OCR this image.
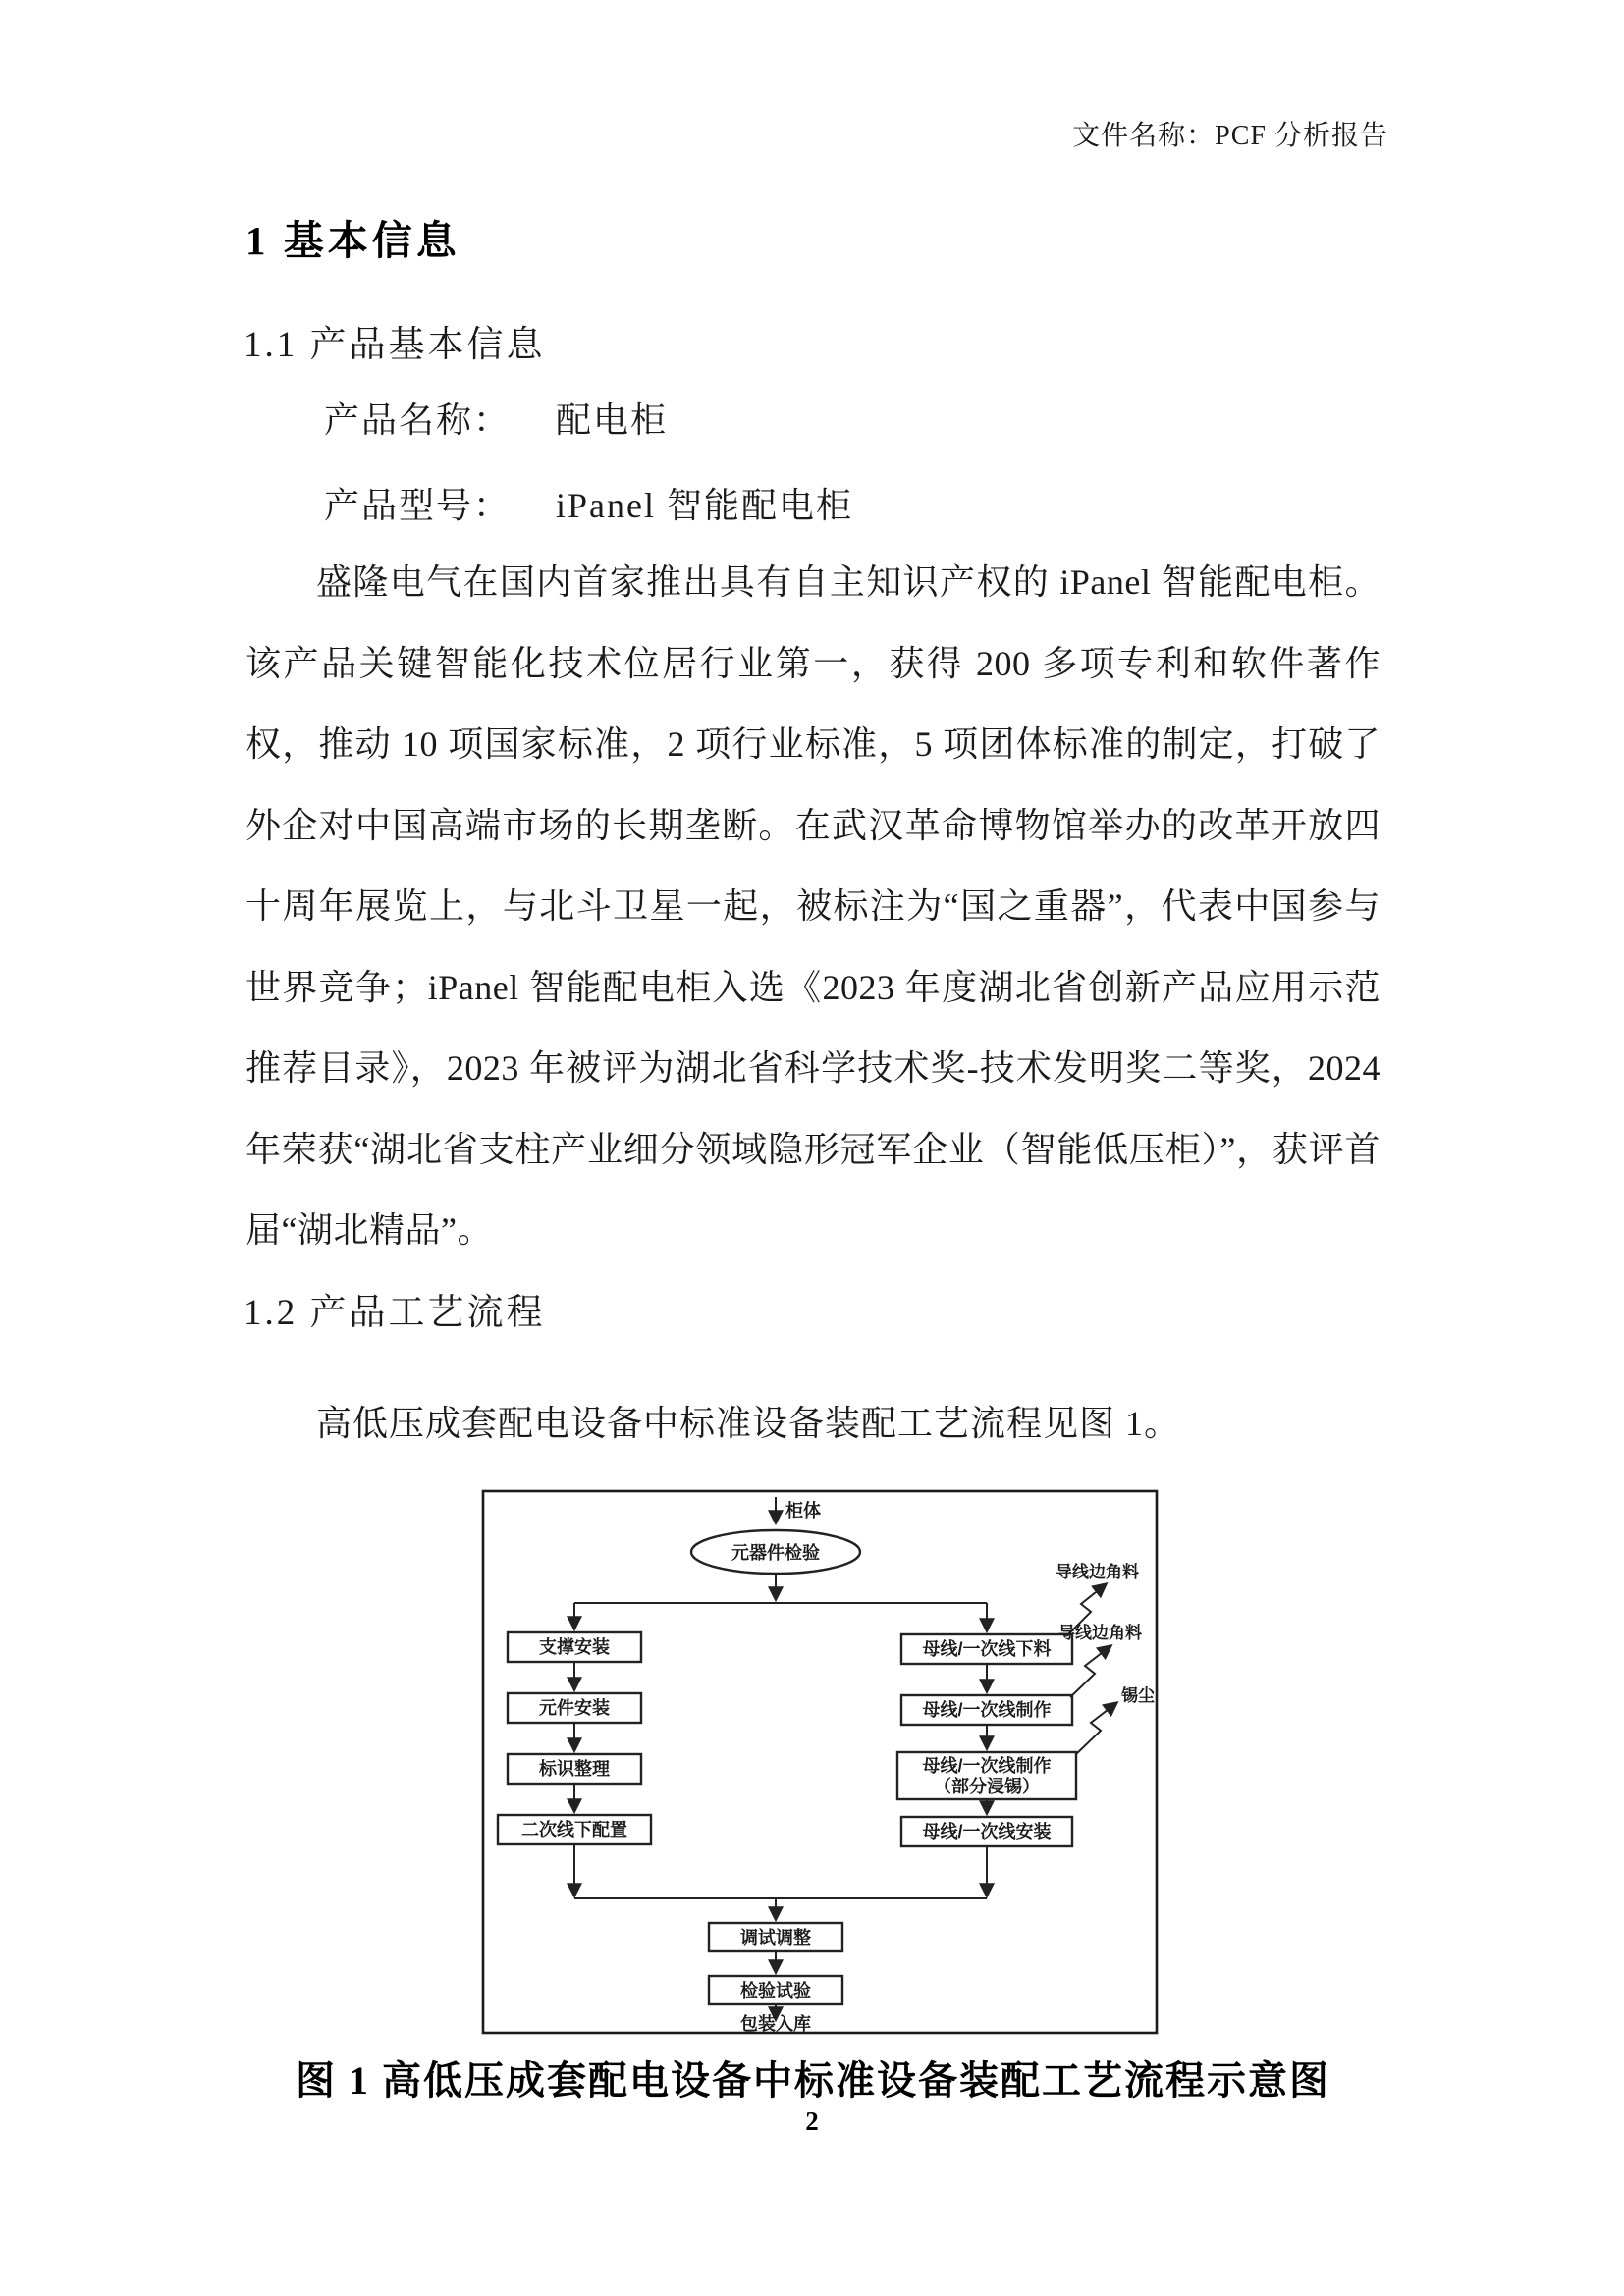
文件名称：PCF 分析报告
1 基本信息
1.1 产品基本信息
产品名称： 配电柜
产品型号： iPanel 智能配电柜
盛隆电气在国内首家推出具有自主知识产权的 iPanel 智能配电柜。该产品关键智能化技术位居行业第一，获得 200 多项专利和软件著作权，推动 10 项国家标准，2 项行业标准，5 项团体标准的制定，打破了外企对中国高端市场的长期垄断。在武汉革命博物馆举办的改革开放四十周年展览上，与北斗卫星一起，被标注为“国之重器”，代表中国参与世界竞争；iPanel 智能配电柜入选《2023 年度湖北省创新产品应用示范推荐目录》，2023 年被评为湖北省科学技术奖-技术发明奖二等奖，2024 年荣获“湖北省支柱产业细分领域隐形冠军企业（智能低压柜）”，获评首届“湖北精品”。
1.2 产品工艺流程
高低压成套配电设备中标准设备装配工艺流程见图 1。
柜体
元器件检验
支撑安装
元件安装
标识整理
二次线下配置
母线/一次线下料
母线/一次线制作
母线/一次线制作
（部分浸锡）
母线/一次线安装
导线边角料
导线边角料
锡尘
调试调整
检验试验
包装入库
图 1 高低压成套配电设备中标准设备装配工艺流程示意图
2
